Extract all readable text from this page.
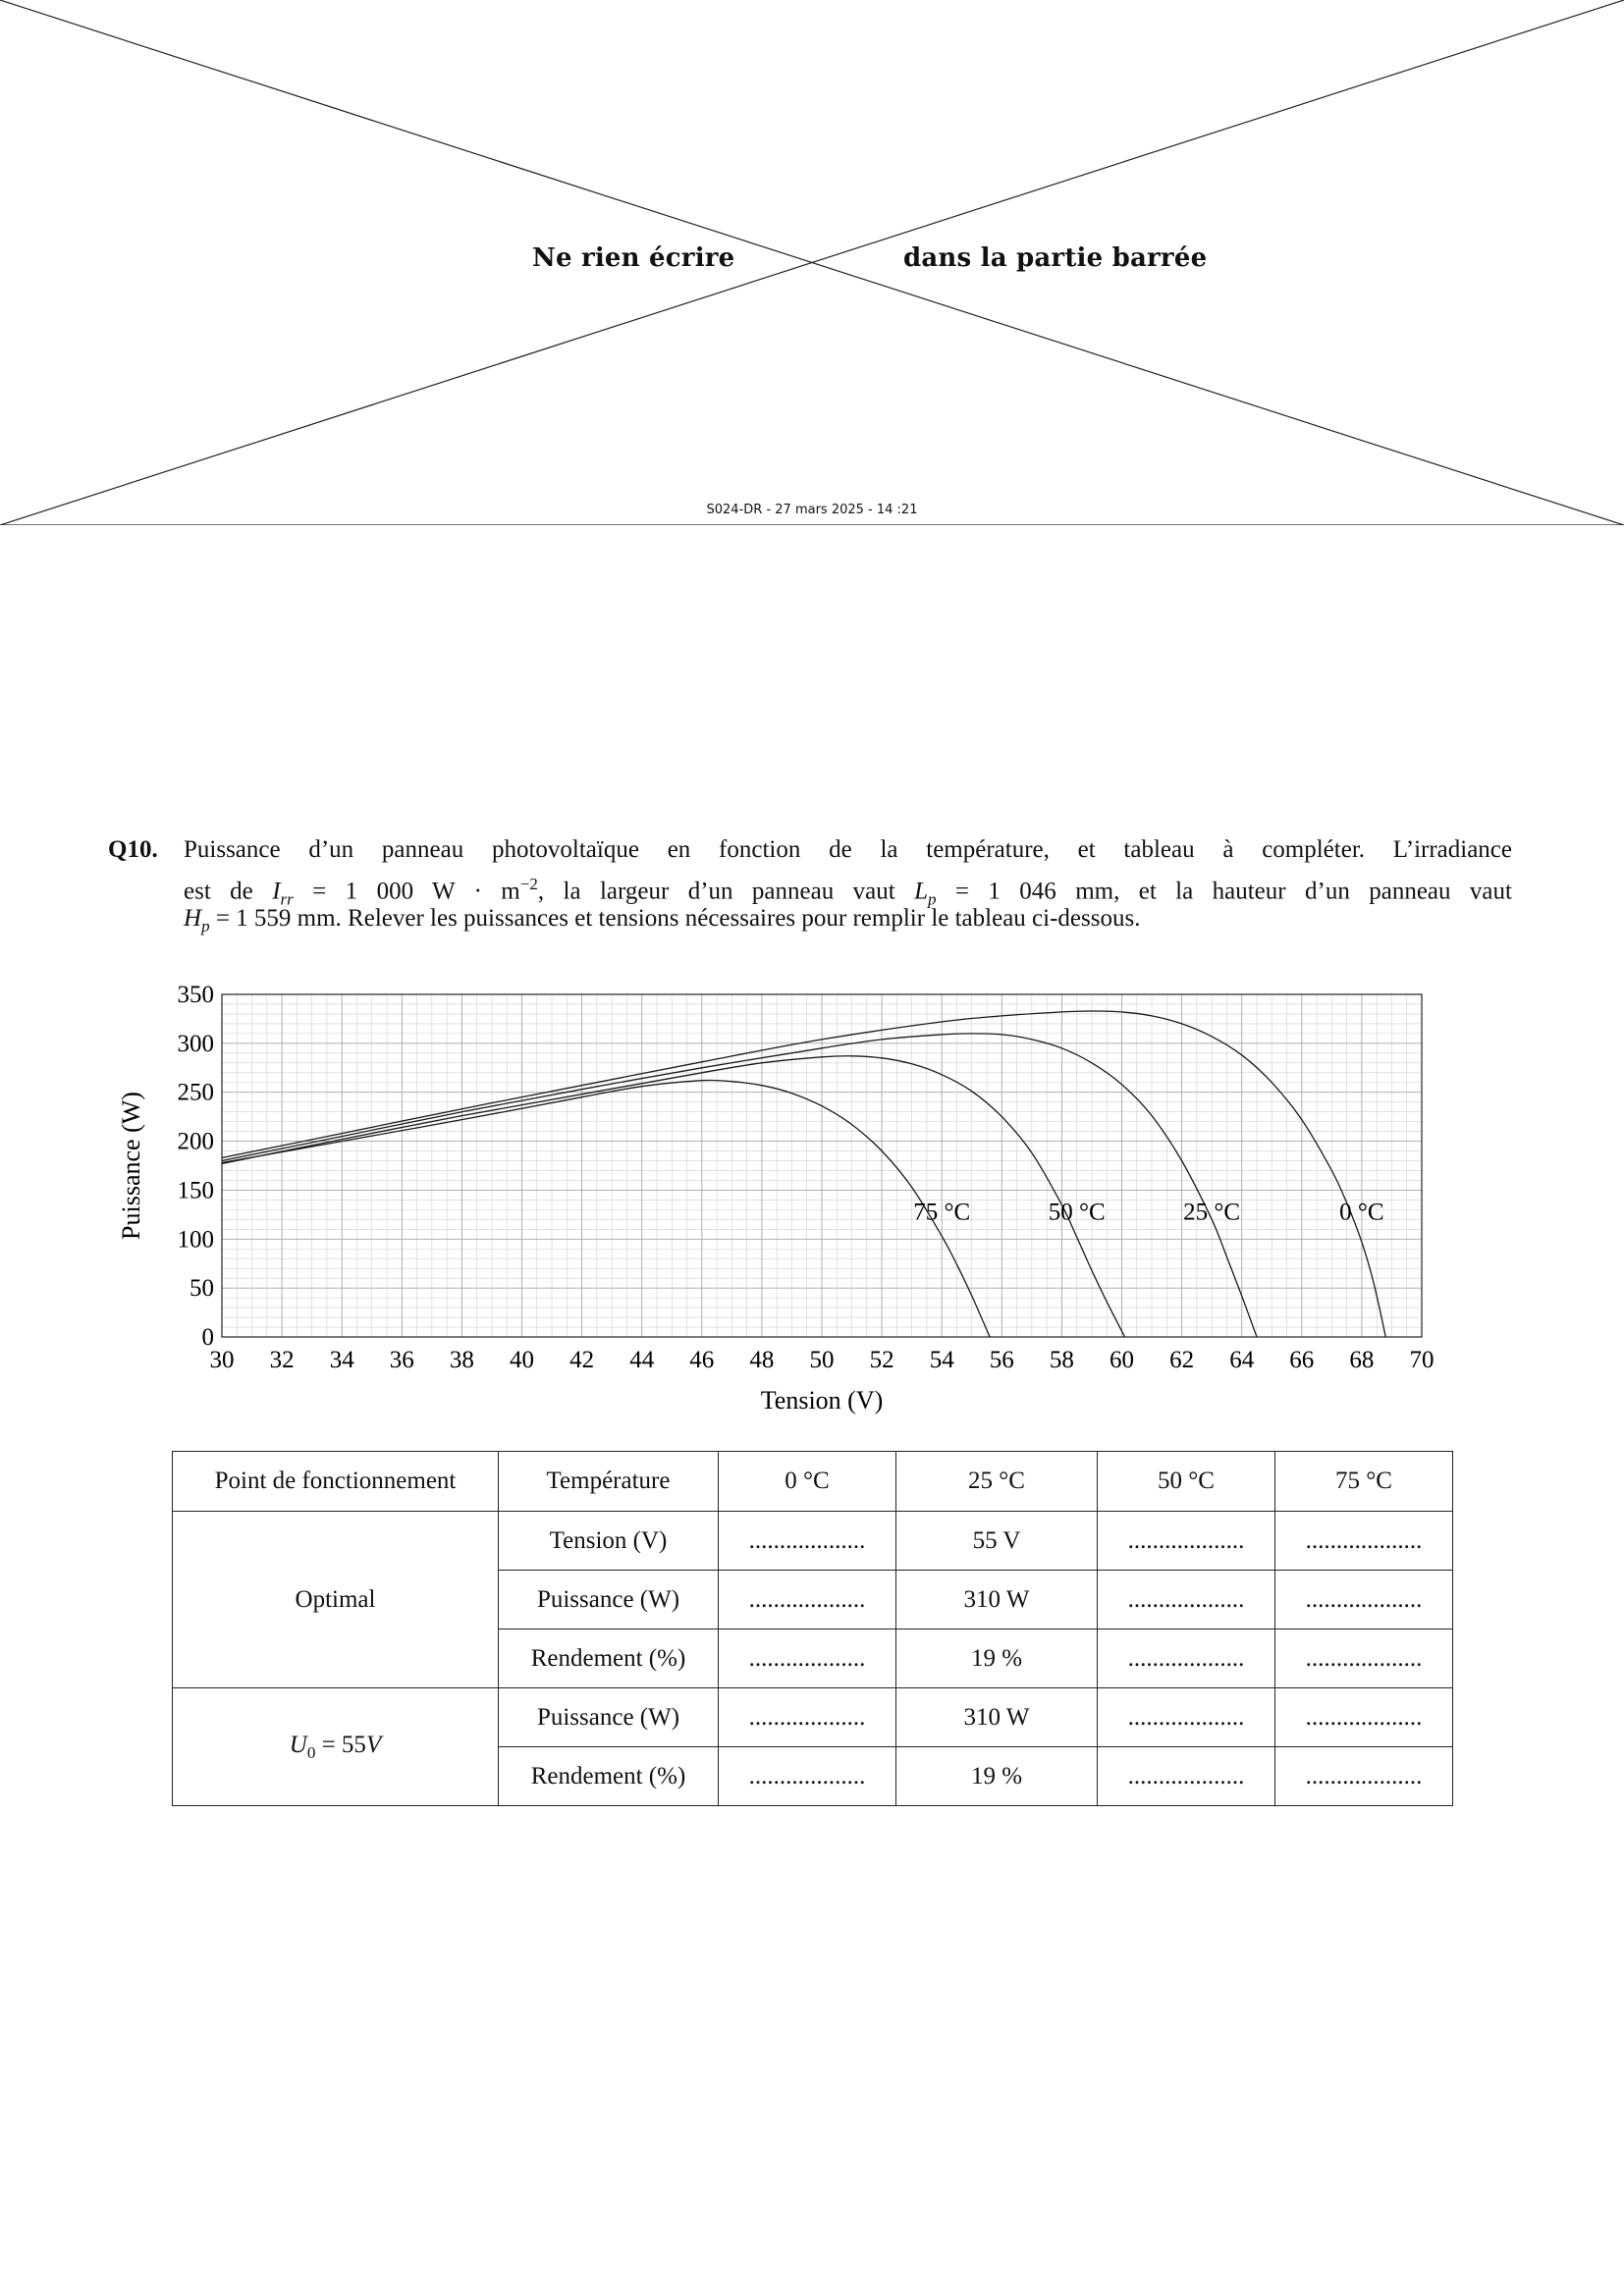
Ne rien écrire	dans la partie barrée
S024-DR - 27 mars 2025 - 14 :21
Q10. Puissance d’un panneau photovoltaïque en fonction de la température, et tableau à compléter. L’irradiance
est de $I_{rr} = 1$ 000 $W \cdot m^{-2}$, la largeur d’un panneau vaut $L_p = 1$ 046 mm, et la hauteur d’un panneau vaut
$H_p = 1$ 559 mm. Relever les puissances et tensions nécessaires pour remplir le tableau ci-dessous.
30 32 34 36 38 40 42 44 46 48 50 52 54 56 58 60 62 64 66 68 70
0
50
100
150
200
250
300
350
0 °C
25 °C
50 °C
75 °C
Tension (V)
Puissance (W)
Point de fonctionnement	Température	0 °C	25 °C	50 °C	75 °C
Optimal	Tension (V)	...................	55 V	...................	...................
	Puissance (W)	...................	310 W	...................	...................
	Rendement (%)	...................	19 %	...................	...................
$U_0 = 55V$	Puissance (W)	...................	310 W	...................	...................
	Rendement (%)	...................	19 %	...................	...................
